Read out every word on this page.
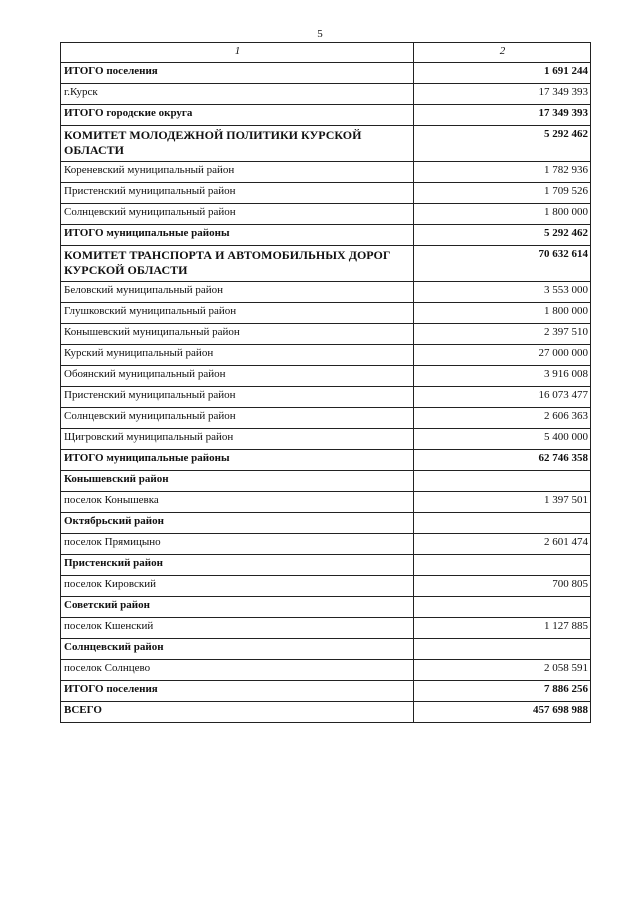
5
1	2
ИТОГО поселения	1 691 244
г.Курск	17 349 393
ИТОГО городские округа	17 349 393
КОМИТЕТ МОЛОДЕЖНОЙ ПОЛИТИКИ КУРСКОЙ ОБЛАСТИ	5 292 462
Кореневский муниципальный район	1 782 936
Пристенский муниципальный район	1 709 526
Солнцевский муниципальный район	1 800 000
ИТОГО муниципальные районы	5 292 462
КОМИТЕТ ТРАНСПОРТА И АВТОМОБИЛЬНЫХ ДОРОГ КУРСКОЙ ОБЛАСТИ	70 632 614
Беловский муниципальный район	3 553 000
Глушковский муниципальный район	1 800 000
Конышевский муниципальный район	2 397 510
Курский муниципальный район	27 000 000
Обоянский муниципальный район	3 916 008
Пристенский муниципальный район	16 073 477
Солнцевский муниципальный район	2 606 363
Щигровский муниципальный район	5 400 000
ИТОГО муниципальные районы	62 746 358
Конышевский район	
поселок Конышевка	1 397 501
Октябрьский район	
поселок Прямицыно	2 601 474
Пристенский район	
поселок Кировский	700 805
Советский район	
поселок Кшенский	1 127 885
Солнцевский район	
поселок Солнцево	2 058 591
ИТОГО поселения	7 886 256
ВСЕГО	457 698 988
